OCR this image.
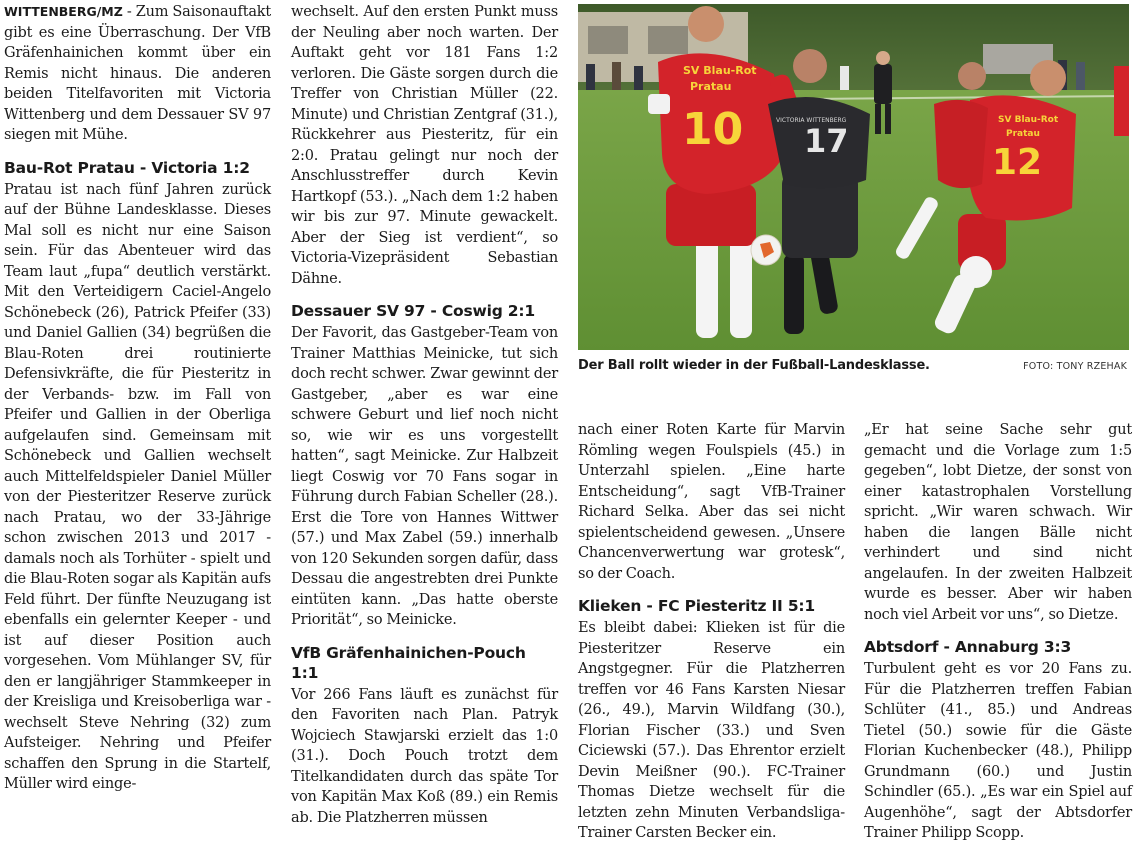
WITTENBERG/MZ - Zum Saisonauftakt gibt es eine Überraschung. Der VfB Gräfenhainichen kommt über ein Remis nicht hinaus. Die anderen beiden Titelfavoriten mit Victoria Wittenberg und dem Dessauer SV 97 siegen mit Mühe.

Bau-Rot Pratau - Victoria 1:2

Pratau ist nach fünf Jahren zurück auf der Bühne Landesklasse. Dieses Mal soll es nicht nur eine Saison sein. Für das Abenteuer wird das Team laut „fupa“ deutlich verstärkt. Mit den Verteidigern Caciel-Angelo Schönebeck (26), Patrick Pfeifer (33) und Daniel Gallien (34) begrüßen die Blau-Roten drei routinierte Defensivkräfte, die für Piesteritz in der Verbands- bzw. im Fall von Pfeifer und Gallien in der Oberliga aufgelaufen sind. Gemeinsam mit Schönebeck und Gallien wechselt auch Mittelfeldspieler Daniel Müller von der Piesteritzer Reserve zurück nach Pratau, wo der 33-Jährige schon zwischen 2013 und 2017 - damals noch als Torhüter - spielt und die Blau-Roten sogar als Kapitän aufs Feld führt. Der fünfte Neuzugang ist ebenfalls ein gelernter Keeper - und ist auf dieser Position auch vorgesehen. Vom Mühlanger SV, für den er langjähriger Stammkeeper in der Kreisliga und Kreisoberliga war - wechselt Steve Nehring (32) zum Aufsteiger. Nehring und Pfeifer schaffen den Sprung in die Startelf, Müller wird einge-

wechselt. Auf den ersten Punkt muss der Neuling aber noch warten. Der Auftakt geht vor 181 Fans 1:2 verloren. Die Gäste sorgen durch die Treffer von Christian Müller (22. Minute) und Christian Zentgraf (31.), Rückkehrer aus Piesteritz, für ein 2:0. Pratau gelingt nur noch der Anschlusstreffer durch Kevin Hartkopf (53.). „Nach dem 1:2 haben wir bis zur 97. Minute gewackelt. Aber der Sieg ist verdient“, so Victoria-Vizepräsident Sebastian Dähne.

Dessauer SV 97 - Coswig 2:1

Der Favorit, das Gastgeber-Team von Trainer Matthias Meinicke, tut sich doch recht schwer. Zwar gewinnt der Gastgeber, „aber es war eine schwere Geburt und lief noch nicht so, wie wir es uns vorgestellt hatten“, sagt Meinicke. Zur Halbzeit liegt Coswig vor 70 Fans sogar in Führung durch Fabian Scheller (28.). Erst die Tore von Hannes Wittwer (57.) und Max Zabel (59.) innerhalb von 120 Sekunden sorgen dafür, dass Dessau die angestrebten drei Punkte eintüten kann. „Das hatte oberste Priorität“, so Meinicke.

VfB Gräfenhainichen-Pouch 1:1

Vor 266 Fans läuft es zunächst für den Favoriten nach Plan. Patryk Wojciech Stawjarski erzielt das 1:0 (31.). Doch Pouch trotzt dem Titelkandidaten durch das späte Tor von Kapitän Max Koß (89.) ein Remis ab. Die Platzherren müssen

SV Blau-Rot
Pratau
10	VICTORIA WITTENBERG
17
SV Blau-Rot
Pratau
12
Der Ball rollt wieder in der Fußball-Landesklasse.	FOTO: TONY RZEHAK

nach einer Roten Karte für Marvin Römling wegen Foulspiels (45.) in Unterzahl spielen. „Eine harte Entscheidung“, sagt VfB-Trainer Richard Selka. Aber das sei nicht spielentscheidend gewesen. „Unsere Chancenverwertung war grotesk“, so der Coach.

Klieken - FC Piesteritz II 5:1

Es bleibt dabei: Klieken ist für die Piesteritzer Reserve ein Angstgegner. Für die Platzherren treffen vor 46 Fans Karsten Niesar (26., 49.), Marvin Wildfang (30.), Florian Fischer (33.) und Sven Ciciewski (57.). Das Ehrentor erzielt Devin Meißner (90.). FC-Trainer Thomas Dietze wechselt für die letzten zehn Minuten Verbandsliga-Trainer Carsten Becker ein.

„Er hat seine Sache sehr gut gemacht und die Vorlage zum 1:5 gegeben“, lobt Dietze, der sonst von einer katastrophalen Vorstellung spricht. „Wir waren schwach. Wir haben die langen Bälle nicht verhindert und sind nicht angelaufen. In der zweiten Halbzeit wurde es besser. Aber wir haben noch viel Arbeit vor uns“, so Dietze.

Abtsdorf - Annaburg 3:3

Turbulent geht es vor 20 Fans zu. Für die Platzherren treffen Fabian Schlüter (41., 85.) und Andreas Tietel (50.) sowie für die Gäste Florian Kuchenbecker (48.), Philipp Grundmann (60.) und Justin Schindler (65.). „Es war ein Spiel auf Augenhöhe“, sagt der Abtsdorfer Trainer Philipp Scopp.
